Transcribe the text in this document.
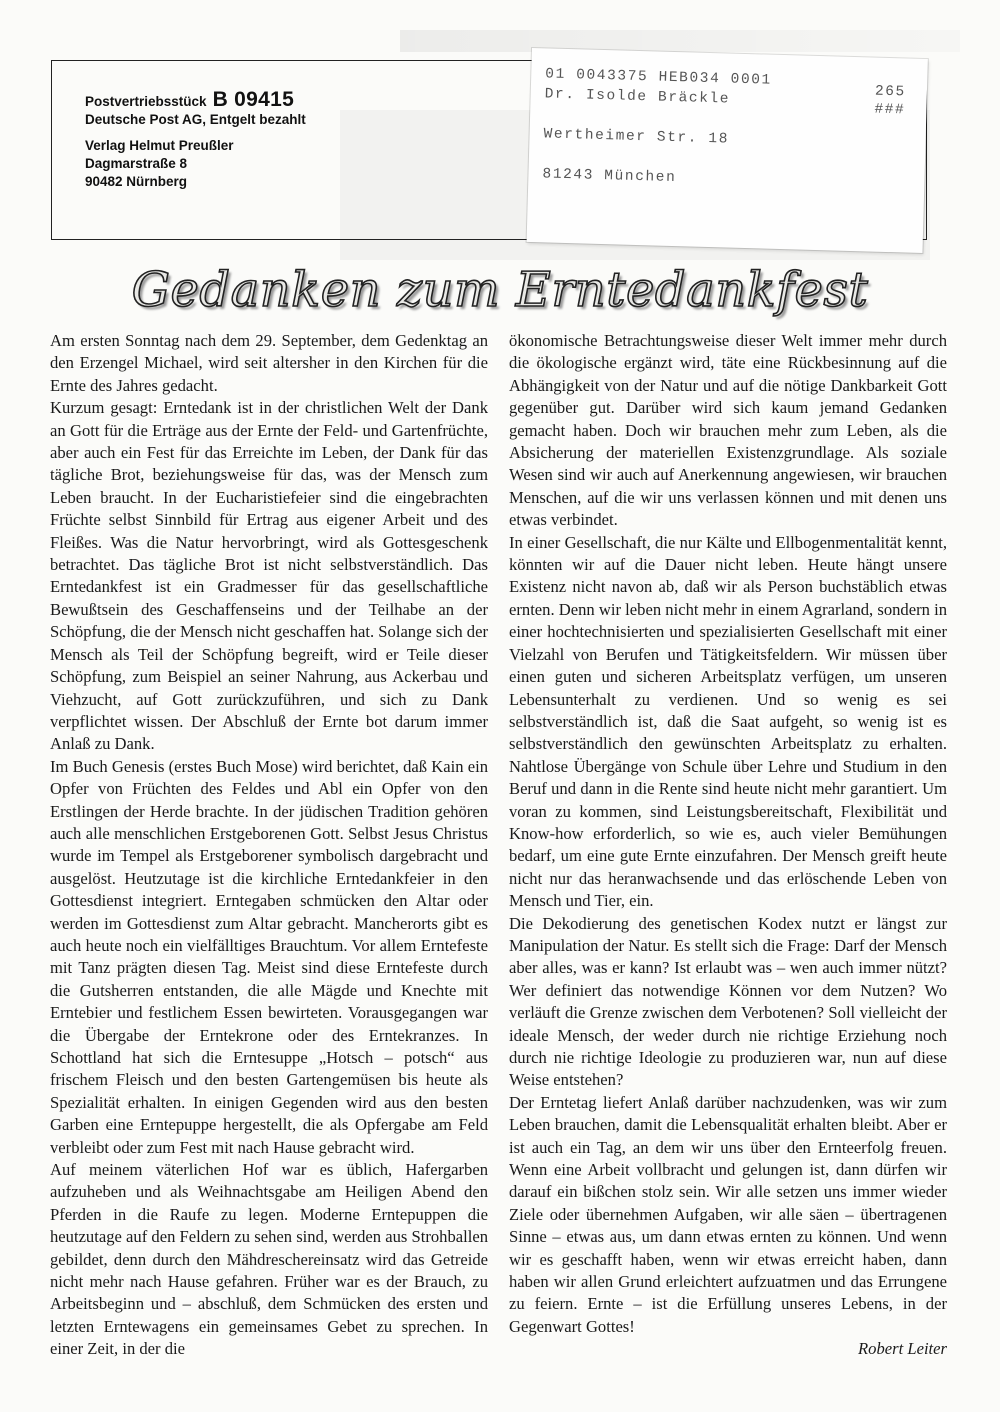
Postvertriebsstück B 09415
Deutsche Post AG, Entgelt bezahlt
Verlag Helmut Preußler
Dagmarstraße 8
90482 Nürnberg
01 0043375 HEB034 0001
265
###
Dr. Isolde Bräckle
Wertheimer Str. 18
81243 München
Gedanken zum Erntedankfest

Am ersten Sonntag nach dem 29. September, dem Gedenktag an den Erzengel Michael, wird seit altersher in den Kirchen für die Ernte des Jahres gedacht.

Kurzum gesagt: Erntedank ist in der christlichen Welt der Dank an Gott für die Erträge aus der Ernte der Feld- und Gartenfrüchte, aber auch ein Fest für das Erreichte im Leben, der Dank für das tägliche Brot, beziehungsweise für das, was der Mensch zum Leben braucht. In der Eucharistiefeier sind die eingebrachten Früchte selbst Sinnbild für Ertrag aus eigener Arbeit und des Fleißes. Was die Natur hervorbringt, wird als Gottesgeschenk betrachtet. Das tägliche Brot ist nicht selbstverständlich. Das Erntedankfest ist ein Gradmesser für das gesellschaftliche Bewußtsein des Geschaffenseins und der Teilhabe an der Schöpfung, die der Mensch nicht geschaffen hat. Solange sich der Mensch als Teil der Schöpfung begreift, wird er Teile dieser Schöpfung, zum Beispiel an seiner Nahrung, aus Ackerbau und Viehzucht, auf Gott zurückzuführen, und sich zu Dank verpflichtet wissen. Der Abschluß der Ernte bot darum immer Anlaß zu Dank.

Im Buch Genesis (erstes Buch Mose) wird berichtet, daß Kain ein Opfer von Früchten des Feldes und Abl ein Opfer von den Erstlingen der Herde brachte. In der jüdischen Tradition gehören auch alle menschlichen Erstgeborenen Gott. Selbst Jesus Christus wurde im Tempel als Erstgeborener symbolisch dargebracht und ausgelöst. Heutzutage ist die kirchliche Erntedankfeier in den Gottesdienst integriert. Erntegaben schmücken den Altar oder werden im Gottesdienst zum Altar gebracht. Mancherorts gibt es auch heute noch ein vielfälltiges Brauchtum. Vor allem Erntefeste mit Tanz prägten diesen Tag. Meist sind diese Erntefeste durch die Gutsherren entstanden, die alle Mägde und Knechte mit Erntebier und festlichem Essen bewirteten. Vorausgegangen war die Übergabe der Erntekrone oder des Erntekranzes. In Schottland hat sich die Erntesuppe „Hotsch – potsch“ aus frischem Fleisch und den besten Gartengemüsen bis heute als Spezialität erhalten. In einigen Gegenden wird aus den besten Garben eine Erntepuppe hergestellt, die als Opfergabe am Feld verbleibt oder zum Fest mit nach Hause gebracht wird.

Auf meinem väterlichen Hof war es üblich, Hafergarben aufzuheben und als Weihnachtsgabe am Heiligen Abend den Pferden in die Raufe zu legen. Moderne Erntepuppen die heutzutage auf den Feldern zu sehen sind, werden aus Strohballen gebildet, denn durch den Mähdreschereinsatz wird das Getreide nicht mehr nach Hause gefahren. Früher war es der Brauch, zu Arbeitsbeginn und – abschluß, dem Schmücken des ersten und letzten Erntewagens ein gemeinsames Gebet zu sprechen. In einer Zeit, in der die

ökonomische Betrachtungsweise dieser Welt immer mehr durch die ökologische ergänzt wird, täte eine Rückbesinnung auf die Abhängigkeit von der Natur und auf die nötige Dankbarkeit Gott gegenüber gut. Darüber wird sich kaum jemand Gedanken gemacht haben. Doch wir brauchen mehr zum Leben, als die Absicherung der materiellen Existenzgrundlage. Als soziale Wesen sind wir auch auf Anerkennung angewiesen, wir brauchen Menschen, auf die wir uns verlassen können und mit denen uns etwas verbindet.

In einer Gesellschaft, die nur Kälte und Ellbogenmentalität kennt, könnten wir auf die Dauer nicht leben. Heute hängt unsere Existenz nicht navon ab, daß wir als Person buchstäblich etwas ernten. Denn wir leben nicht mehr in einem Agrarland, sondern in einer hochtechnisierten und spezialisierten Gesellschaft mit einer Vielzahl von Berufen und Tätigkeitsfeldern. Wir müssen über einen guten und sicheren Arbeitsplatz verfügen, um unseren Lebensunterhalt zu verdienen. Und so wenig es sei selbstverständlich ist, daß die Saat aufgeht, so wenig ist es selbstverständlich den gewünschten Arbeitsplatz zu erhalten. Nahtlose Übergänge von Schule über Lehre und Studium in den Beruf und dann in die Rente sind heute nicht mehr garantiert. Um voran zu kommen, sind Leistungsbereitschaft, Flexibilität und Know-how erforderlich, so wie es, auch vieler Bemühungen bedarf, um eine gute Ernte einzufahren. Der Mensch greift heute nicht nur das heranwachsende und das erlöschende Leben von Mensch und Tier, ein.

Die Dekodierung des genetischen Kodex nutzt er längst zur Manipulation der Natur. Es stellt sich die Frage: Darf der Mensch aber alles, was er kann? Ist erlaubt was – wen auch immer nützt? Wer definiert das notwendige Können vor dem Nutzen? Wo verläuft die Grenze zwischen dem Verbotenen? Soll vielleicht der ideale Mensch, der weder durch nie richtige Erziehung noch durch nie richtige Ideologie zu produzieren war, nun auf diese Weise entstehen?

Der Erntetag liefert Anlaß darüber nachzudenken, was wir zum Leben brauchen, damit die Lebensqualität erhalten bleibt. Aber er ist auch ein Tag, an dem wir uns über den Ernteerfolg freuen. Wenn eine Arbeit vollbracht und gelungen ist, dann dürfen wir darauf ein bißchen stolz sein. Wir alle setzen uns immer wieder Ziele oder übernehmen Aufgaben, wir alle säen – übertragenen Sinne – etwas aus, um dann etwas ernten zu können. Und wenn wir es geschafft haben, wenn wir etwas erreicht haben, dann haben wir allen Grund erleichtert aufzuatmen und das Errungene zu feiern. Ernte – ist die Erfüllung unseres Lebens, in der Gegenwart Gottes!

Robert Leiter
